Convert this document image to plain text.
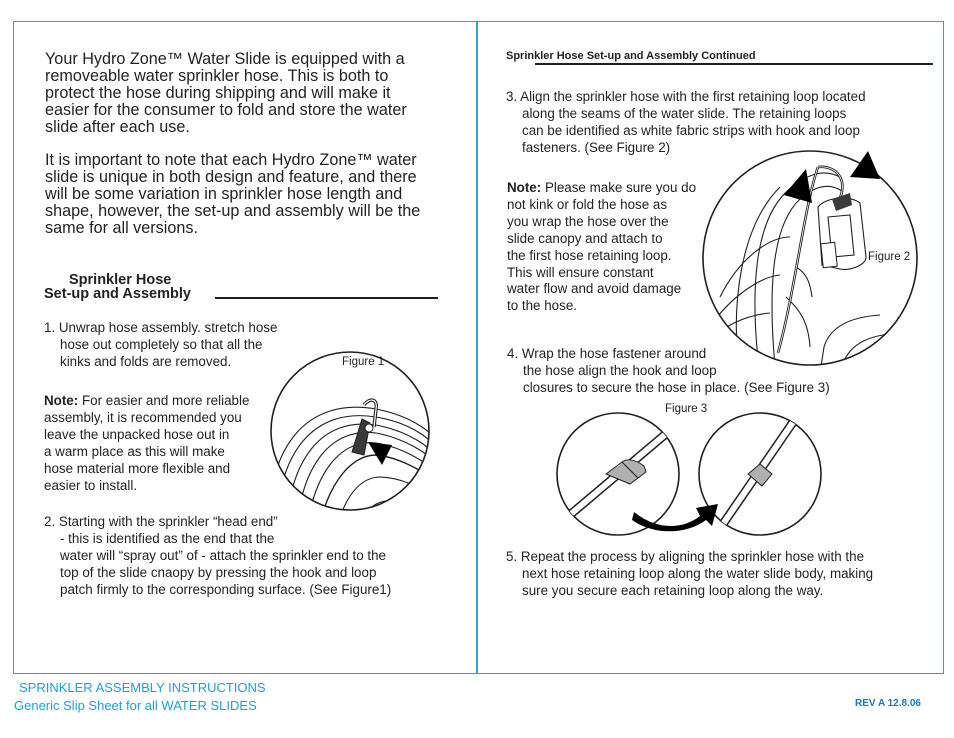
Your Hydro Zone™ Water Slide is equipped with a
removeable water sprinkler hose. This is both to
protect the hose during shipping and will make it
easier for the consumer to fold and store the water
slide after each use.
It is important to note that each Hydro Zone™ water
slide is unique in both design and feature, and there
will be some variation in sprinkler hose length and
shape, however, the set-up and assembly will be the
same for all versions.
Sprinkler Hose
Set-up and Assembly
1. Unwrap hose assembly. stretch hose
hose out completely so that all the
kinks and folds are removed.
Note: For easier and more reliable
assembly, it is recommended you
leave the unpacked hose out in
a warm place as this will make
hose material more flexible and
easier to install.
2. Starting with the sprinkler “head end”
- this is identified as the end that the
water will “spray out” of - attach the sprinkler end to the
top of the slide cnaopy by pressing the hook and loop
patch firmly to the corresponding surface. (See Figure1)
Figure 1
Sprinkler Hose Set-up and Assembly Continued
3. Align the sprinkler hose with the first retaining loop located
along the seams of the water slide. The retaining loops
can be identified as white fabric strips with hook and loop
fasteners. (See Figure 2)
Note: Please make sure you do
not kink or fold the hose as
you wrap the hose over the
slide canopy and attach to
the first hose retaining loop.
This will ensure constant
water flow and avoid damage
to the hose.
Figure 2
4. Wrap the hose fastener around
the hose align the hook and loop
closures to secure the hose in place. (See Figure 3)
Figure 3
5. Repeat the process by aligning the sprinkler hose with the
next hose retaining loop along the water slide body, making
sure you secure each retaining loop along the way.
SPRINKLER ASSEMBLY INSTRUCTIONS
Generic Slip Sheet for all WATER SLIDES	REV A 12.8.06
